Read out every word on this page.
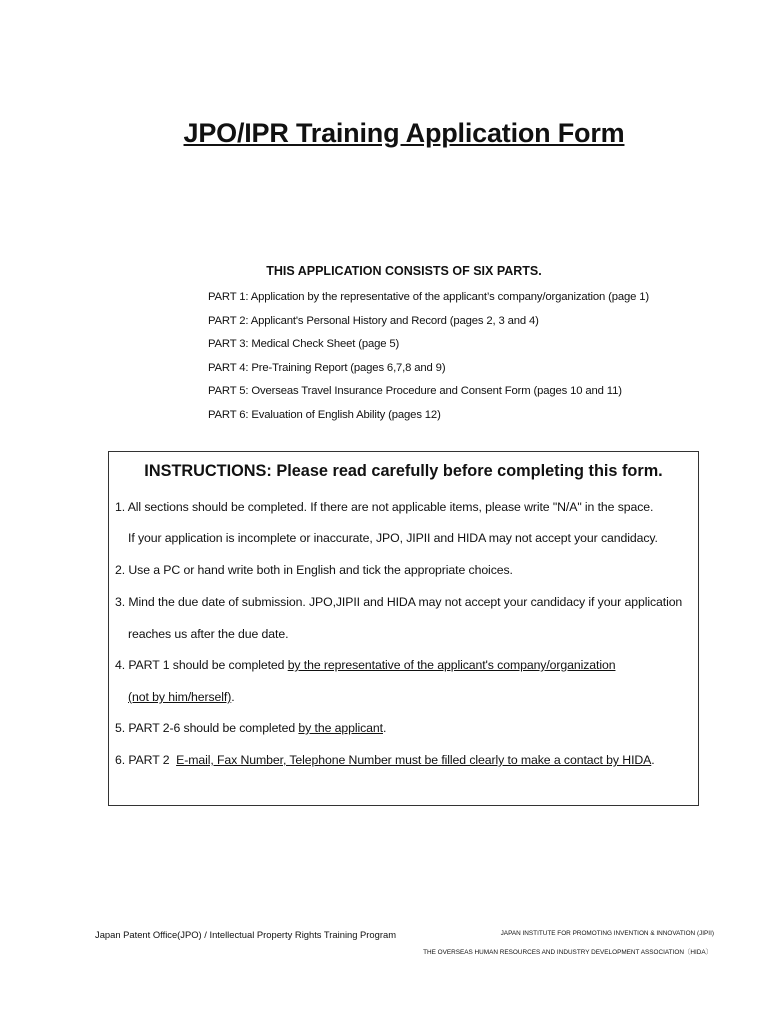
JPO/IPR Training Application Form
THIS APPLICATION CONSISTS OF SIX PARTS.
PART 1: Application by the representative of the applicant’s company/organization (page 1)
PART 2: Applicant's Personal History and Record (pages 2, 3 and 4)
PART 3: Medical Check Sheet (page 5)
PART 4: Pre-Training Report (pages 6,7,8 and 9)
PART 5: Overseas Travel Insurance Procedure and Consent Form (pages 10 and 11)
PART 6: Evaluation of English Ability (pages 12)
INSTRUCTIONS: Please read carefully before completing this form.
1. All sections should be completed. If there are not applicable items, please write "N/A" in the space.
If your application is incomplete or inaccurate, JPO, JIPII and HIDA may not accept your candidacy.
2. Use a PC or hand write both in English and tick the appropriate choices.
3. Mind the due date of submission. JPO,JIPII and HIDA may not accept your candidacy if your application
reaches us after the due date.
4. PART 1 should be completed by the representative of the applicant's company/organization
(not by him/herself).
5. PART 2-6 should be completed by the applicant.
6. PART 2  E-mail, Fax Number, Telephone Number must be filled clearly to make a contact by HIDA.
Japan Patent Office(JPO) / Intellectual Property Rights Training Program	JAPAN INSTITUTE FOR PROMOTING INVENTION & INNOVATION (JIPII)
THE OVERSEAS HUMAN RESOURCES AND INDUSTRY DEVELOPMENT ASSOCIATION〔HIDA〕
